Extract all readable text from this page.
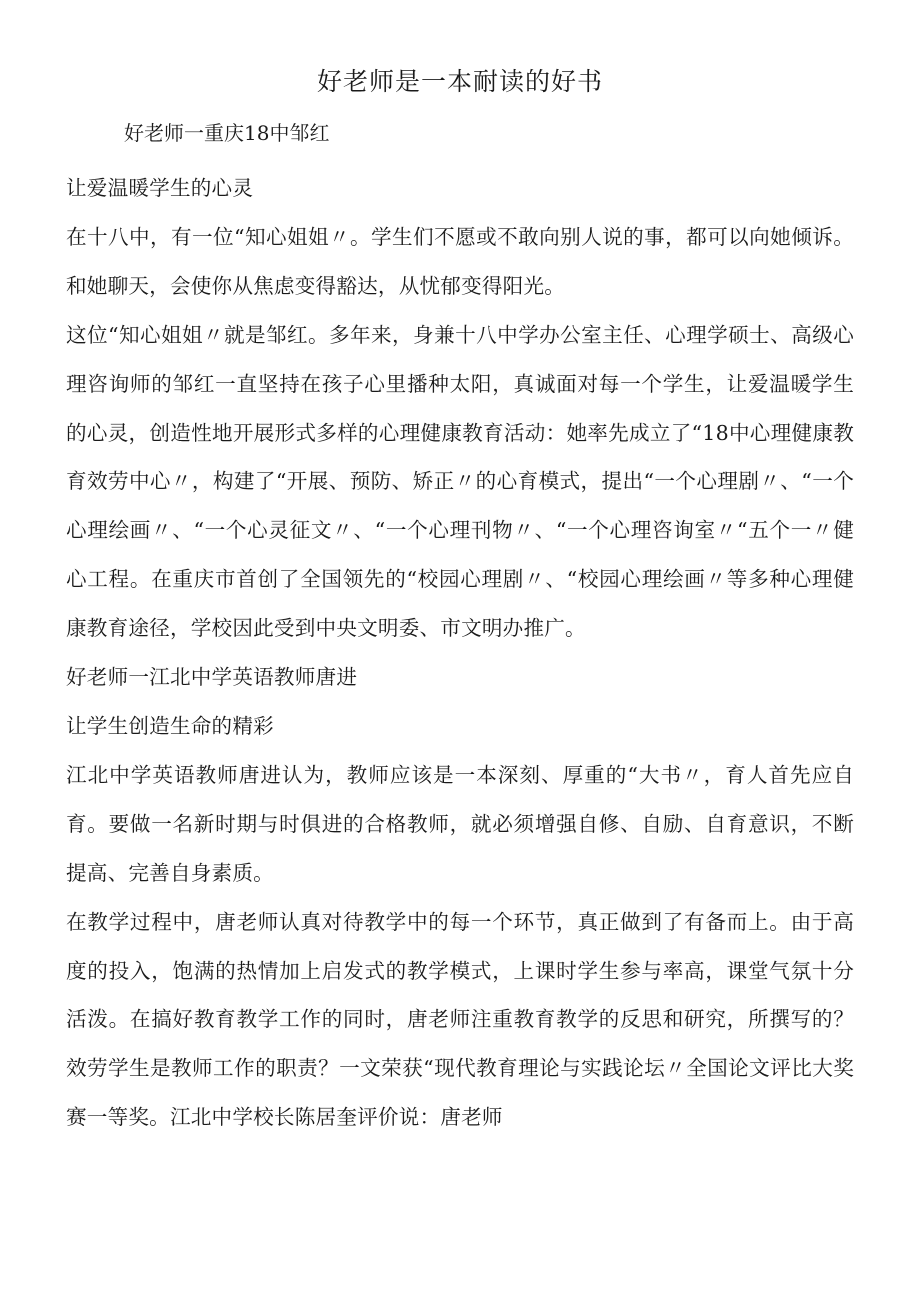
好老师是一本耐读的好书

好老师一重庆18中邹红

让爱温暖学生的心灵

在十八中，有一位“知心姐姐〃。学生们不愿或不敢向别人说的事，都可以向她倾诉。和她聊天，会使你从焦虑变得豁达，从忧郁变得阳光。

这位“知心姐姐〃就是邹红。多年来，身兼十八中学办公室主任、心理学硕士、高级心理咨询师的邹红一直坚持在孩子心里播种太阳，真诚面对每一个学生，让爱温暖学生的心灵，创造性地开展形式多样的心理健康教育活动：她率先成立了“18中心理健康教育效劳中心〃，构建了“开展、预防、矫正〃的心育模式，提出“一个心理剧〃、“一个心理绘画〃、“一个心灵征文〃、“一个心理刊物〃、“一个心理咨询室〃“五个一〃健心工程。在重庆市首创了全国领先的“校园心理剧〃、“校园心理绘画〃等多种心理健康教育途径，学校因此受到中央文明委、市文明办推广。

好老师一江北中学英语教师唐进

让学生创造生命的精彩

江北中学英语教师唐进认为，教师应该是一本深刻、厚重的“大书〃，育人首先应自育。要做一名新时期与时俱进的合格教师，就必须增强自修、自励、自育意识，不断提高、完善自身素质。

在教学过程中，唐老师认真对待教学中的每一个环节，真正做到了有备而上。由于高度的投入，饱满的热情加上启发式的教学模式，上课时学生参与率高，课堂气氛十分活泼。在搞好教育教学工作的同时，唐老师注重教育教学的反思和研究，所撰写的？效劳学生是教师工作的职责？一文荣获“现代教育理论与实践论坛〃全国论文评比大奖赛一等奖。江北中学校长陈居奎评价说：唐老师
